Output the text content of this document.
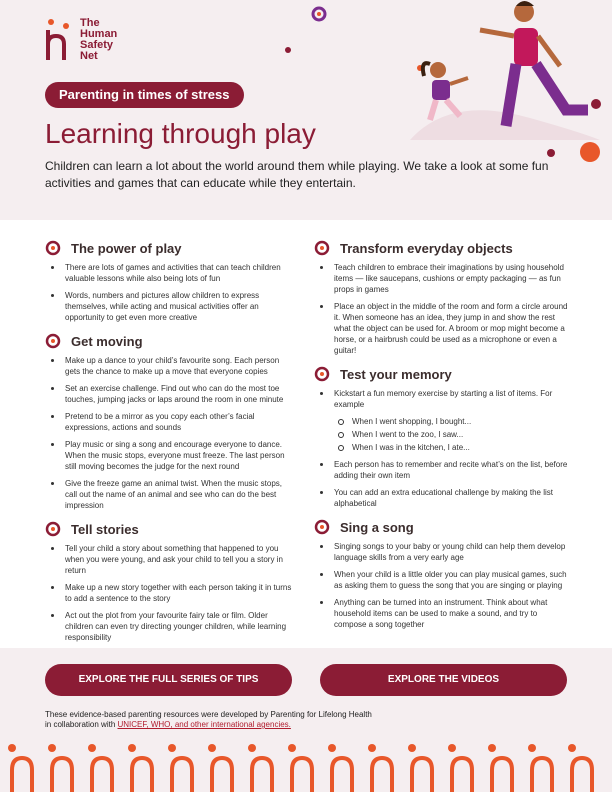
The
Human
Safety
Net
Parenting in times of stress
Learning through play
Children can learn a lot about the world around them while playing. We take a look at some fun activities and games that can educate while they entertain.
The power of play
There are lots of games and activities that can teach children valuable lessons while also being lots of fun
Words, numbers and pictures allow children to express themselves, while acting and musical activities offer an opportunity to get even more creative
Get moving
Make up a dance to your child’s favourite song. Each person gets the chance to make up a move that everyone copies
Set an exercise challenge. Find out who can do the most toe touches, jumping jacks or laps around the room in one minute
Pretend to be a mirror as you copy each other’s facial expressions, actions and sounds
Play music or sing a song and encourage everyone to dance. When the music stops, everyone must freeze. The last person still moving becomes the judge for the next round
Give the freeze game an animal twist. When the music stops, call out the name of an animal and see who can do the best impression
Tell stories
Tell your child a story about something that happened to you when you were young, and ask your child to tell you a story in return
Make up a new story together with each person taking it in turns to add a sentence to the story
Act out the plot from your favourite fairy tale or film. Older children can even try directing younger children, while learning responsibility
Transform everyday objects
Teach children to embrace their imaginations by using household items — like saucepans, cushions or empty packaging — as fun props in games
Place an object in the middle of the room and form a circle around it. When someone has an idea, they jump in and show the rest what the object can be used for. A broom or mop might become a horse, or a hairbrush could be used as a microphone or even a guitar!
Test your memory
Kickstart a fun memory exercise by starting a list of items. For example
When I went shopping, I bought...
When I went to the zoo, I saw...
When I was in the kitchen, I ate...
Each person has to remember and recite what’s on the list, before adding their own item
You can add an extra educational challenge by making the list alphabetical
Sing a song
Singing songs to your baby or young child can help them develop language skills from a very early age
When your child is a little older you can play musical games, such as asking them to guess the song that you are singing or playing
Anything can be turned into an instrument. Think about what household items can be used to make a sound, and try to compose a song together
EXPLORE THE FULL SERIES OF TIPS	EXPLORE THE VIDEOS
These evidence-based parenting resources were developed by Parenting for Lifelong Health
in collaboration with UNICEF, WHO, and other international agencies.
